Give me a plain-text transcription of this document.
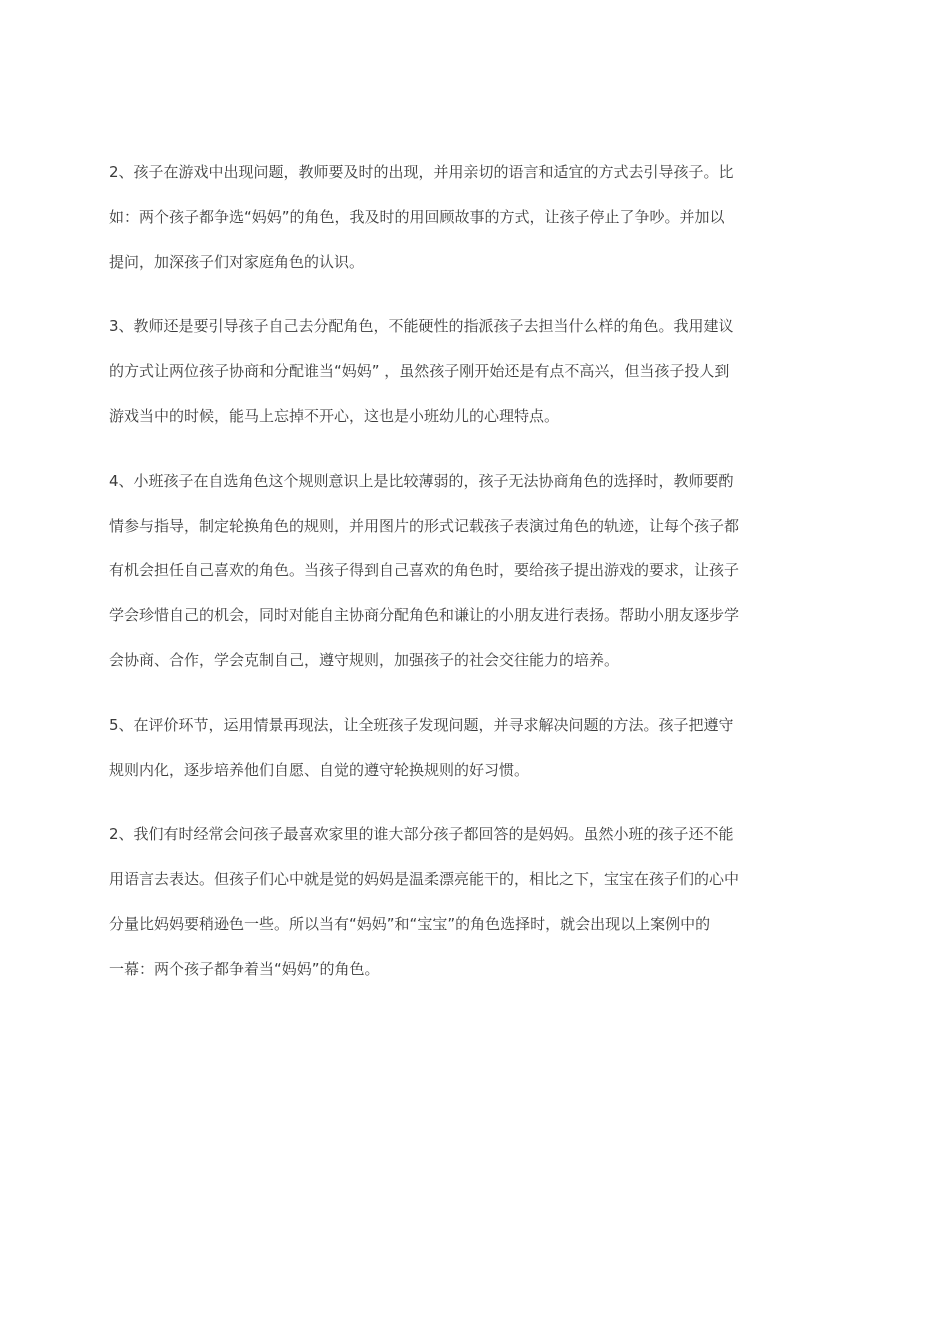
2、孩子在游戏中出现问题，教师要及时的出现，并用亲切的语言和适宜的方式去引导孩子。比
如：两个孩子都争选“妈妈”的角色，我及时的用回顾故事的方式，让孩子停止了争吵。并加以
提问，加深孩子们对家庭角色的认识。
3、教师还是要引导孩子自己去分配角色，不能硬性的指派孩子去担当什么样的角色。我用建议
的方式让两位孩子协商和分配谁当“妈妈” ，虽然孩子刚开始还是有点不高兴，但当孩子投人到
游戏当中的时候，能马上忘掉不开心，这也是小班幼儿的心理特点。
4、小班孩子在自选角色这个规则意识上是比较薄弱的，孩子无法协商角色的选择时，教师要酌
情参与指导，制定轮换角色的规则，并用图片的形式记载孩子表演过角色的轨迹，让每个孩子都
有机会担任自己喜欢的角色。当孩子得到自己喜欢的角色时，要给孩子提出游戏的要求，让孩子
学会珍惜自己的机会，同时对能自主协商分配角色和谦让的小朋友进行表扬。帮助小朋友逐步学
会协商、合作，学会克制自己，遵守规则，加强孩子的社会交往能力的培养。
5、在评价环节，运用情景再现法，让全班孩子发现问题，并寻求解决问题的方法。孩子把遵守
规则内化，逐步培养他们自愿、自觉的遵守轮换规则的好习惯。
2、我们有时经常会问孩子最喜欢家里的谁大部分孩子都回答的是妈妈。虽然小班的孩子还不能
用语言去表达。但孩子们心中就是觉的妈妈是温柔漂亮能干的，相比之下，宝宝在孩子们的心中
分量比妈妈要稍逊色一些。所以当有“妈妈”和“宝宝”的角色选择时，就会出现以上案例中的
一幕：两个孩子都争着当“妈妈”的角色。
